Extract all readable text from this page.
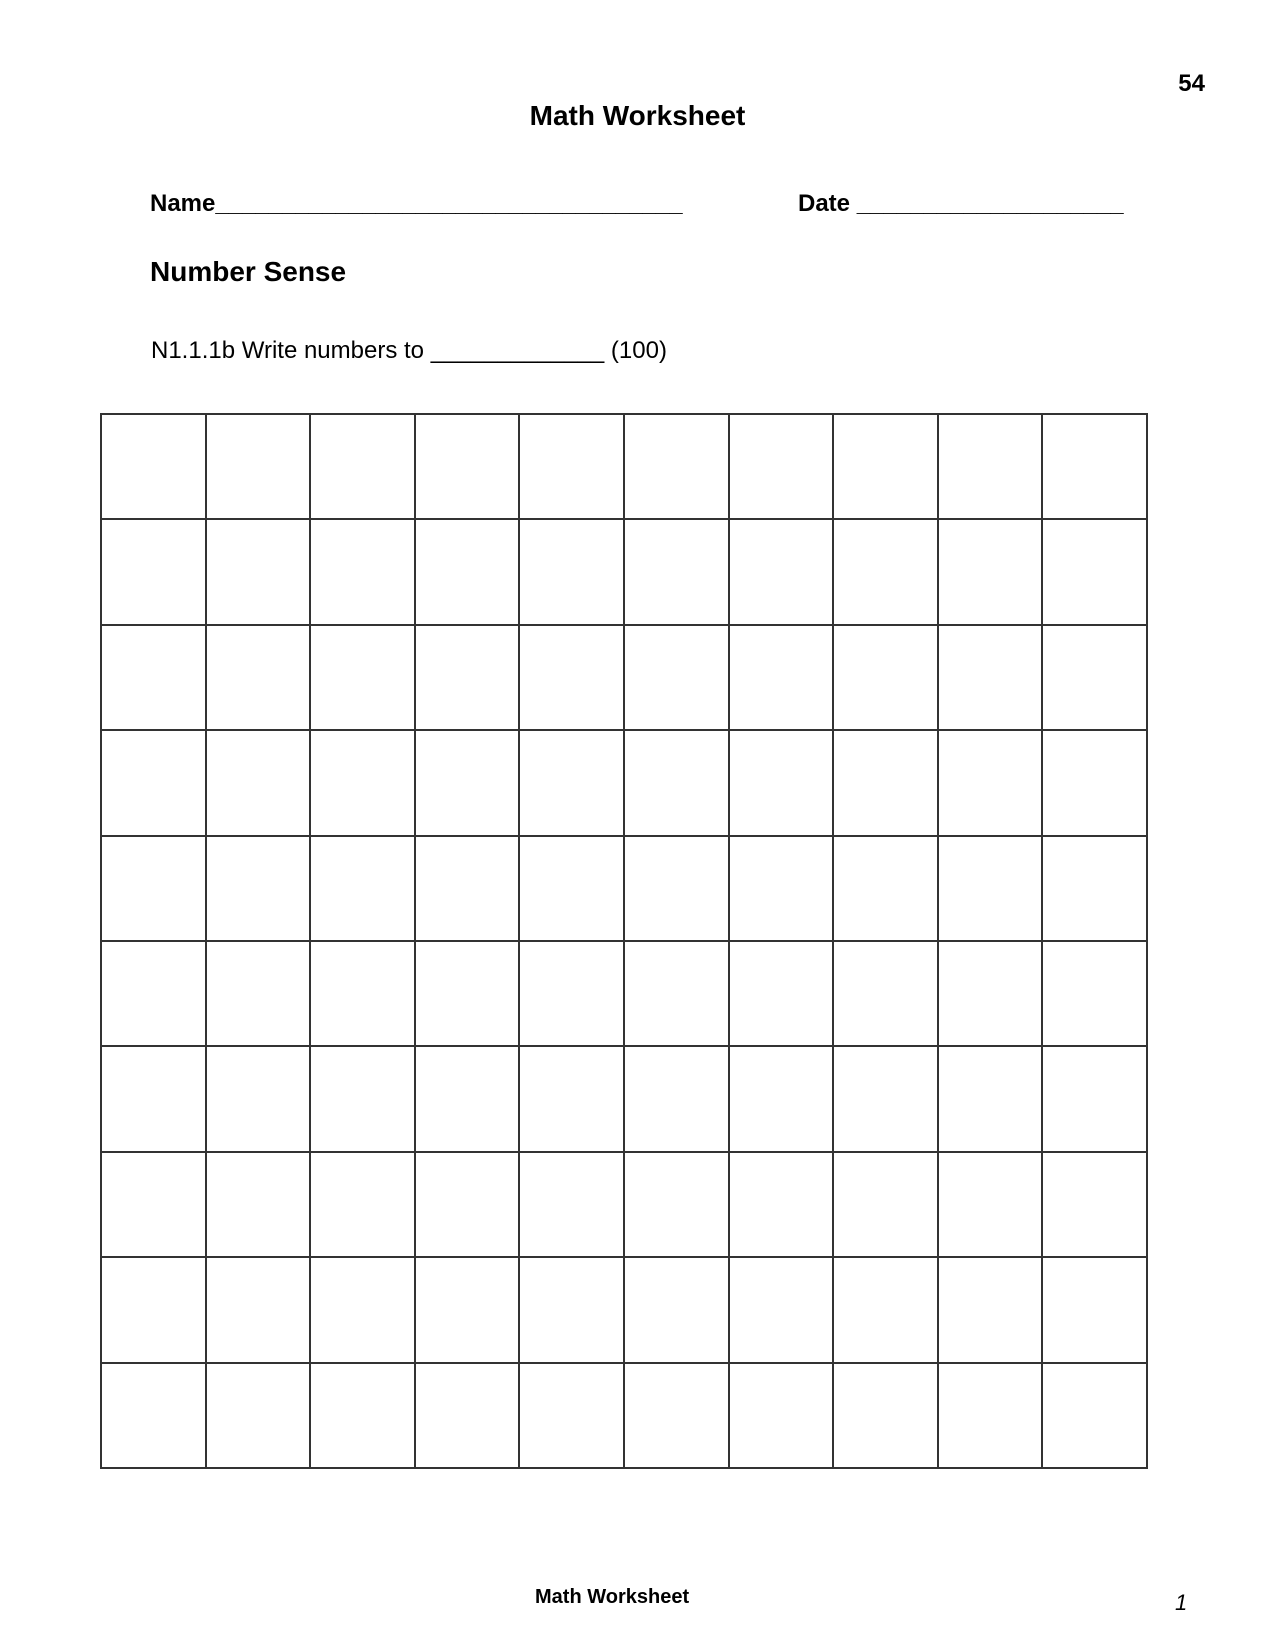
54
Math Worksheet
Name___________________________________	Date ____________________
Number Sense
N1.1.1b Write numbers to _____________ (100)
Math Worksheet	1
